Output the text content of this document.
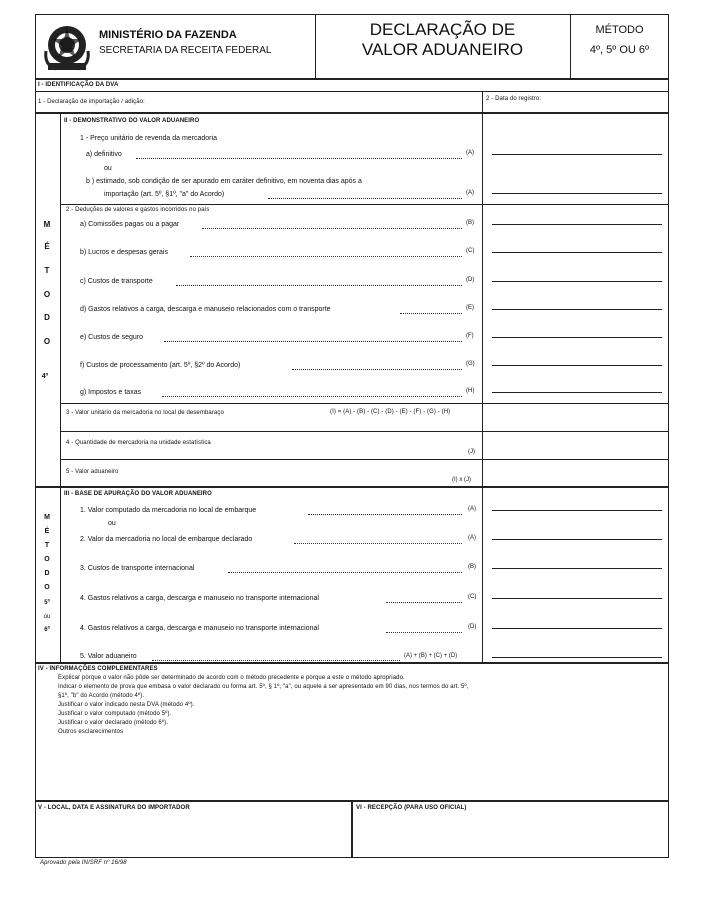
MINISTÉRIO DA FAZENDA
SECRETARIA DA RECEITA FEDERAL
DECLARAÇÃO DE
VALOR ADUANEIRO
MÉTODO
4º, 5º OU 6º
I - IDENTIFICAÇÃO DA DVA
1 - Declaração de importação / adição:	2 - Data do registro:
II - DEMONSTRATIVO DO VALOR ADUANEIRO
M
É
T
O
D
O
4º
1 - Preço unitário de revenda da mercadoria
a) definitivo	(A)
ou
b ) estimado, sob condição de ser apurado em caráter definitivo, em noventa dias após a
importação (art. 5º, §1º, "a" do Acordo)	(A)
2 - Deduções de valores e gastos incorridos no país
a) Comissões pagas ou a pagar	(B)
b) Lucros e despesas gerais	(C)
c) Custos de transporte	(D)
d) Gastos relativos a carga, descarga e manuseio relacionados com o transporte	(E)
e) Custos de seguro	(F)
f) Custos de processamento (art. 5º, §2º do Acordo)	(G)
g) Impostos e taxas	(H)
3 - Valor unitário da mercadoria no local de desembaraço	(I) = (A) - (B) - (C) - (D) - (E) - (F) - (G) - (H)
4 - Quantidade de mercadoria na unidade estatística
(J)
5 - Valor aduaneiro
(I) x (J)
III - BASE DE APURAÇÃO DO VALOR ADUANEIRO
M
É
T
O
D
O
5º
ou
6º
1. Valor computado da mercadoria no local de embarque	(A)
ou
2. Valor da mercadoria no local de embarque declarado	(A)
3. Custos de transporte internacional	(B)
4. Gastos relativos a carga, descarga e manuseio no transporte internacional	(C)
4. Gastos relativos a carga, descarga e manuseio no transporte internacional	(D)
5. Valor aduaneiro	(A) + (B) + (C) + (D)
IV - INFORMAÇÕES COMPLEMENTARES
Explicar porque o valor não pôde ser determinado de acordo com o método precedente e porque a este o método apropriado.
Indicar o elemento de prova que embasa o valor declarado ou forma art. 5º, § 1º, "a", ou aquele a ser apresentado em 90 dias, nos termos do art. 5º,
§1º, "b" do Acordo (método 4º).
Justificar o valor indicado nesta DVA (método 4º).
Justificar o valor computado (método 5º).
Justificar o valor declarado (método 6º).
Outros esclarecimentos
V - LOCAL, DATA E ASSINATURA DO IMPORTADOR	VI - RECEPÇÃO (PARA USO OFICIAL)
Aprovado pela IN/SRF nº 16/98
